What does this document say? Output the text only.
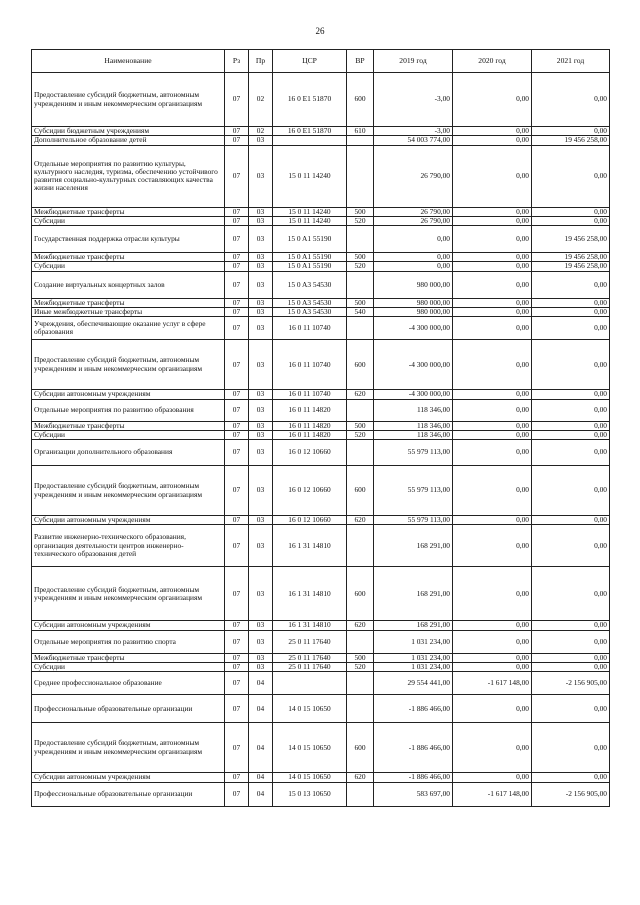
26
Наименование	Рз	Пр	ЦСР	ВР	2019 год	2020 год	2021 год
Предоставление субсидий бюджетным, автономным учреждениям и иным некоммерческим организациям	07	02	16 0 E1 51870	600	-3,00	0,00	0,00
Субсидии бюджетным учреждениям	07	02	16 0 E1 51870	610	-3,00	0,00	0,00
Дополнительное образование детей	07	03			54 003 774,00	0,00	19 456 258,00
Отдельные мероприятия по развитию культуры, культурного наследия, туризма, обеспечению устойчивого развития социально-культурных составляющих качества жизни населения	07	03	15 0 11 14240		26 790,00	0,00	0,00
Межбюджетные трансферты	07	03	15 0 11 14240	500	26 790,00	0,00	0,00
Субсидии	07	03	15 0 11 14240	520	26 790,00	0,00	0,00
Государственная поддержка отрасли культуры	07	03	15 0 A1 55190		0,00	0,00	19 456 258,00
Межбюджетные трансферты	07	03	15 0 A1 55190	500	0,00	0,00	19 456 258,00
Субсидии	07	03	15 0 A1 55190	520	0,00	0,00	19 456 258,00
Создание виртуальных концертных залов	07	03	15 0 A3 54530		980 000,00	0,00	0,00
Межбюджетные трансферты	07	03	15 0 A3 54530	500	980 000,00	0,00	0,00
Иные межбюджетные трансферты	07	03	15 0 A3 54530	540	980 000,00	0,00	0,00
Учреждения, обеспечивающие оказание услуг в сфере образования	07	03	16 0 11 10740		-4 300 000,00	0,00	0,00
Предоставление субсидий бюджетным, автономным учреждениям и иным некоммерческим организациям	07	03	16 0 11 10740	600	-4 300 000,00	0,00	0,00
Субсидии автономным учреждениям	07	03	16 0 11 10740	620	-4 300 000,00	0,00	0,00
Отдельные мероприятия по развитию образования	07	03	16 0 11 14820		118 346,00	0,00	0,00
Межбюджетные трансферты	07	03	16 0 11 14820	500	118 346,00	0,00	0,00
Субсидии	07	03	16 0 11 14820	520	118 346,00	0,00	0,00
Организации дополнительного образования	07	03	16 0 12 10660		55 979 113,00	0,00	0,00
Предоставление субсидий бюджетным, автономным учреждениям и иным некоммерческим организациям	07	03	16 0 12 10660	600	55 979 113,00	0,00	0,00
Субсидии автономным учреждениям	07	03	16 0 12 10660	620	55 979 113,00	0,00	0,00
Развитие инженерно-технического образования, организация деятельности центров инженерно-технического образования детей	07	03	16 1 31 14810		168 291,00	0,00	0,00
Предоставление субсидий бюджетным, автономным учреждениям и иным некоммерческим организациям	07	03	16 1 31 14810	600	168 291,00	0,00	0,00
Субсидии автономным учреждениям	07	03	16 1 31 14810	620	168 291,00	0,00	0,00
Отдельные мероприятия по развитию спорта	07	03	25 0 11 17640		1 031 234,00	0,00	0,00
Межбюджетные трансферты	07	03	25 0 11 17640	500	1 031 234,00	0,00	0,00
Субсидии	07	03	25 0 11 17640	520	1 031 234,00	0,00	0,00
Среднее профессиональное образование	07	04			29 554 441,00	-1 617 148,00	-2 156 905,00
Профессиональные образовательные организации	07	04	14 0 15 10650		-1 886 466,00	0,00	0,00
Предоставление субсидий бюджетным, автономным учреждениям и иным некоммерческим организациям	07	04	14 0 15 10650	600	-1 886 466,00	0,00	0,00
Субсидии автономным учреждениям	07	04	14 0 15 10650	620	-1 886 466,00	0,00	0,00
Профессиональные образовательные организации	07	04	15 0 13 10650		583 697,00	-1 617 148,00	-2 156 905,00
